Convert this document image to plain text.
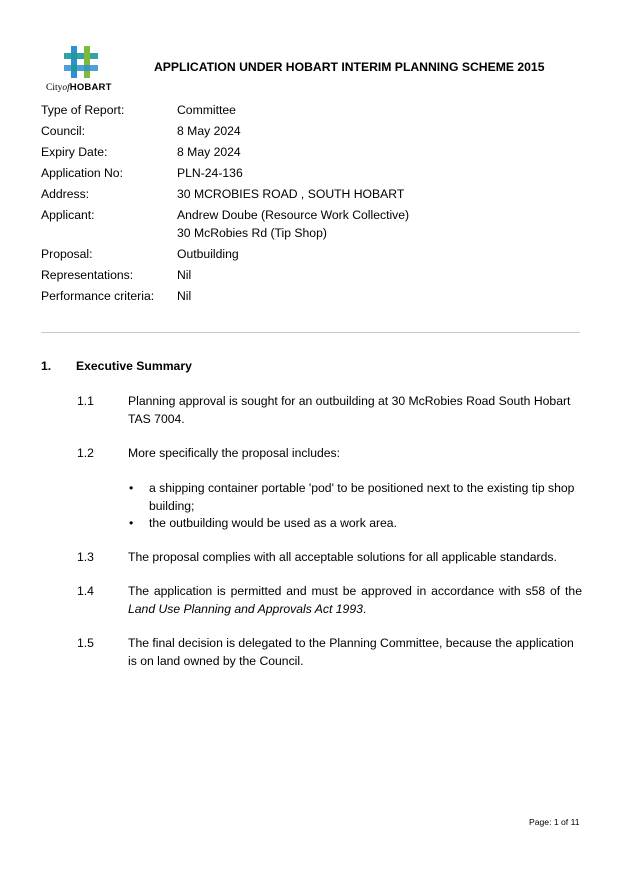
CityofHOBART
APPLICATION UNDER HOBART INTERIM PLANNING SCHEME 2015
Type of Report:	Committee
Council:	8 May 2024
Expiry Date:	8 May 2024
Application No:	PLN-24-136
Address:	30 MCROBIES ROAD , SOUTH HOBART
Applicant:	Andrew Doube (Resource Work Collective)
30 McRobies Rd (Tip Shop)
Proposal:	Outbuilding
Representations:	Nil
Performance criteria:	Nil
1. Executive Summary
1.1	Planning approval is sought for an outbuilding at 30 McRobies Road South Hobart TAS 7004.
1.2	More specifically the proposal includes:
•	a shipping container portable 'pod' to be positioned next to the existing tip shop building;
•	the outbuilding would be used as a work area.
1.3	The proposal complies with all acceptable solutions for all applicable standards.
1.4	The application is permitted and must be approved in accordance with s58 of the Land Use Planning and Approvals Act 1993.
1.5	The final decision is delegated to the Planning Committee, because the application is on land owned by the Council.
Page: 1 of 11
